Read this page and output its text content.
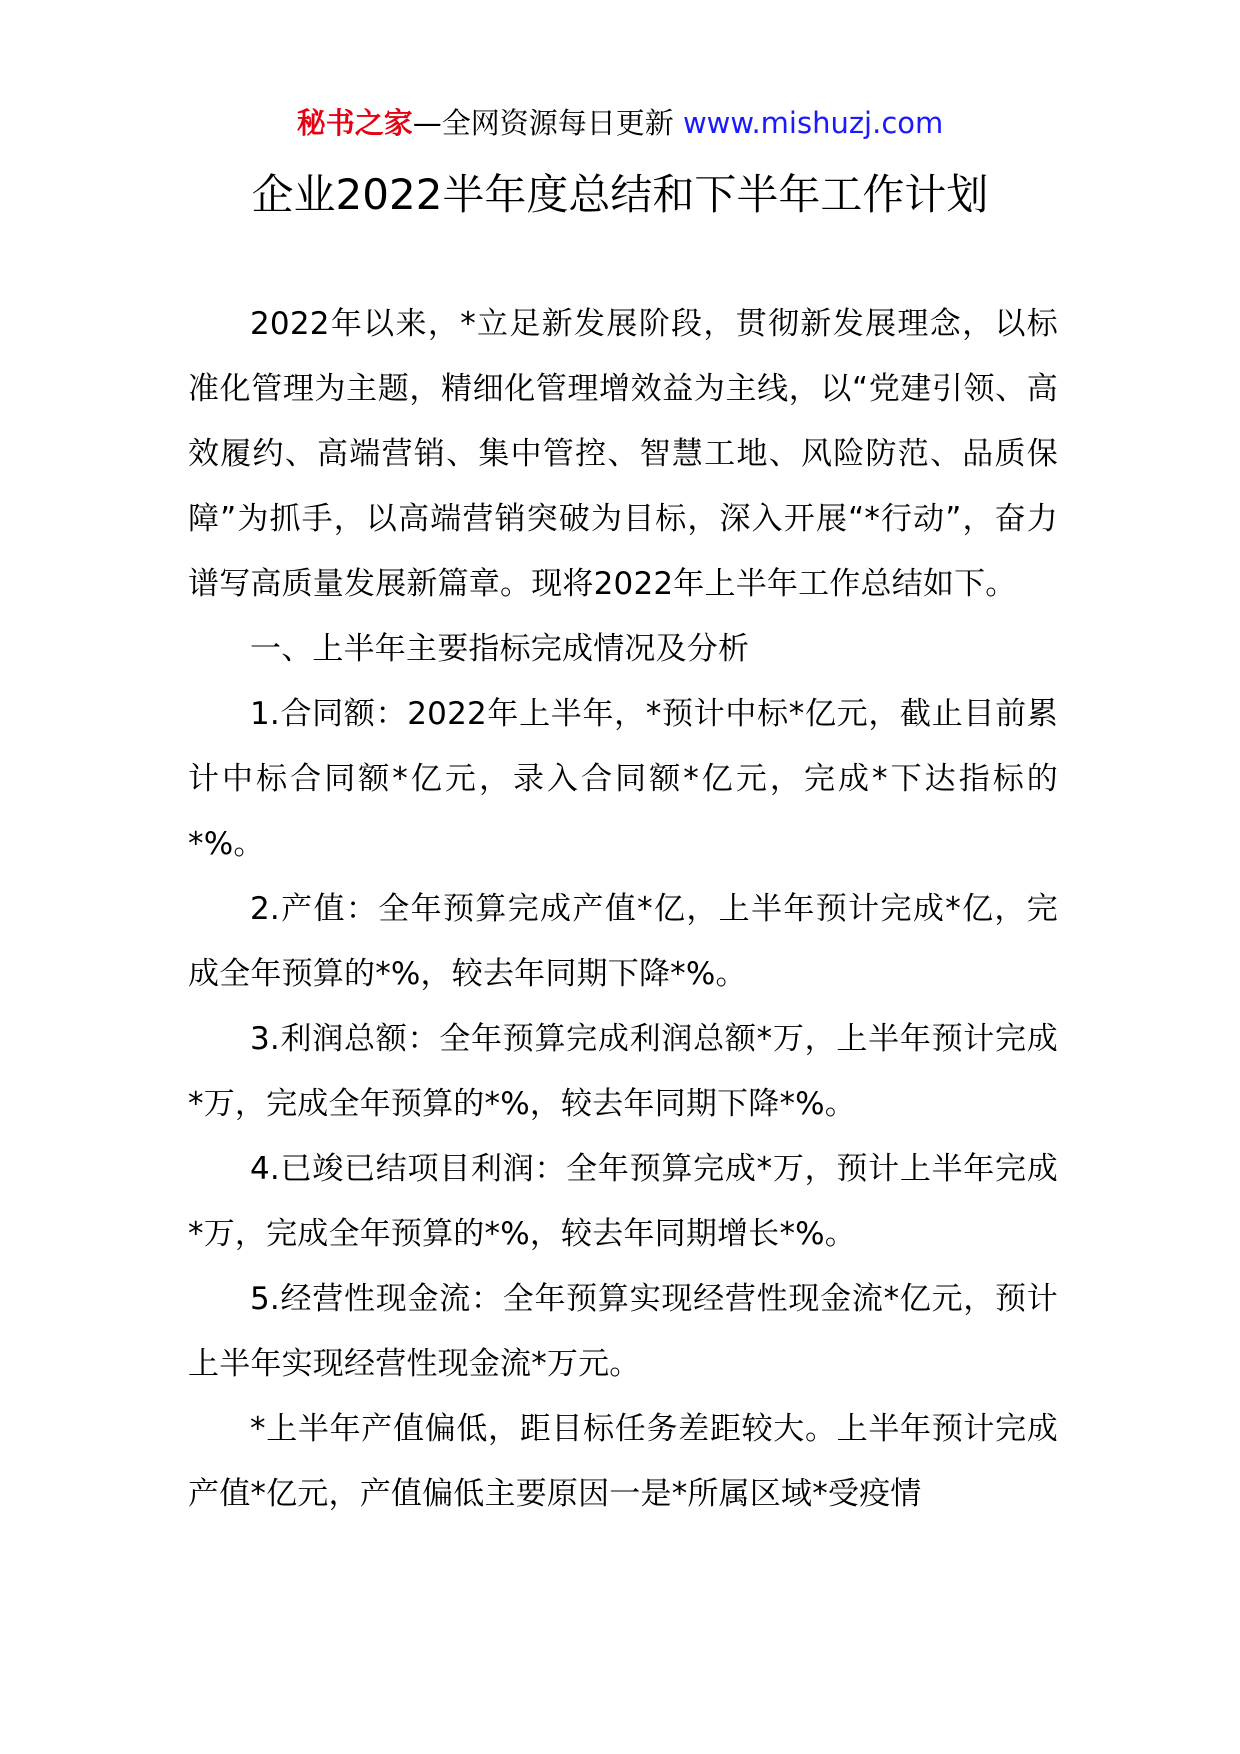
秘书之家—全网资源每日更新 www.mishuzj.com
企业2022半年度总结和下半年工作计划

2022年以来，*立足新发展阶段，贯彻新发展理念，以标准化管理为主题，精细化管理增效益为主线，以“党建引领、高效履约、高端营销、集中管控、智慧工地、风险防范、品质保障”为抓手，以高端营销突破为目标，深入开展“*行动”，奋力谱写高质量发展新篇章。现将2022年上半年工作总结如下。

一、上半年主要指标完成情况及分析

1.合同额：2022年上半年，*预计中标*亿元，截止目前累计中标合同额*亿元，录入合同额*亿元，完成*下达指标的*%。

2.产值：全年预算完成产值*亿，上半年预计完成*亿，完成全年预算的*%，较去年同期下降*%。

3.利润总额：全年预算完成利润总额*万，上半年预计完成*万，完成全年预算的*%，较去年同期下降*%。

4.已竣已结项目利润：全年预算完成*万，预计上半年完成*万，完成全年预算的*%，较去年同期增长*%。

5.经营性现金流：全年预算实现经营性现金流*亿元，预计上半年实现经营性现金流*万元。

*上半年产值偏低，距目标任务差距较大。上半年预计完成产值*亿元，产值偏低主要原因一是*所属区域*受疫情
